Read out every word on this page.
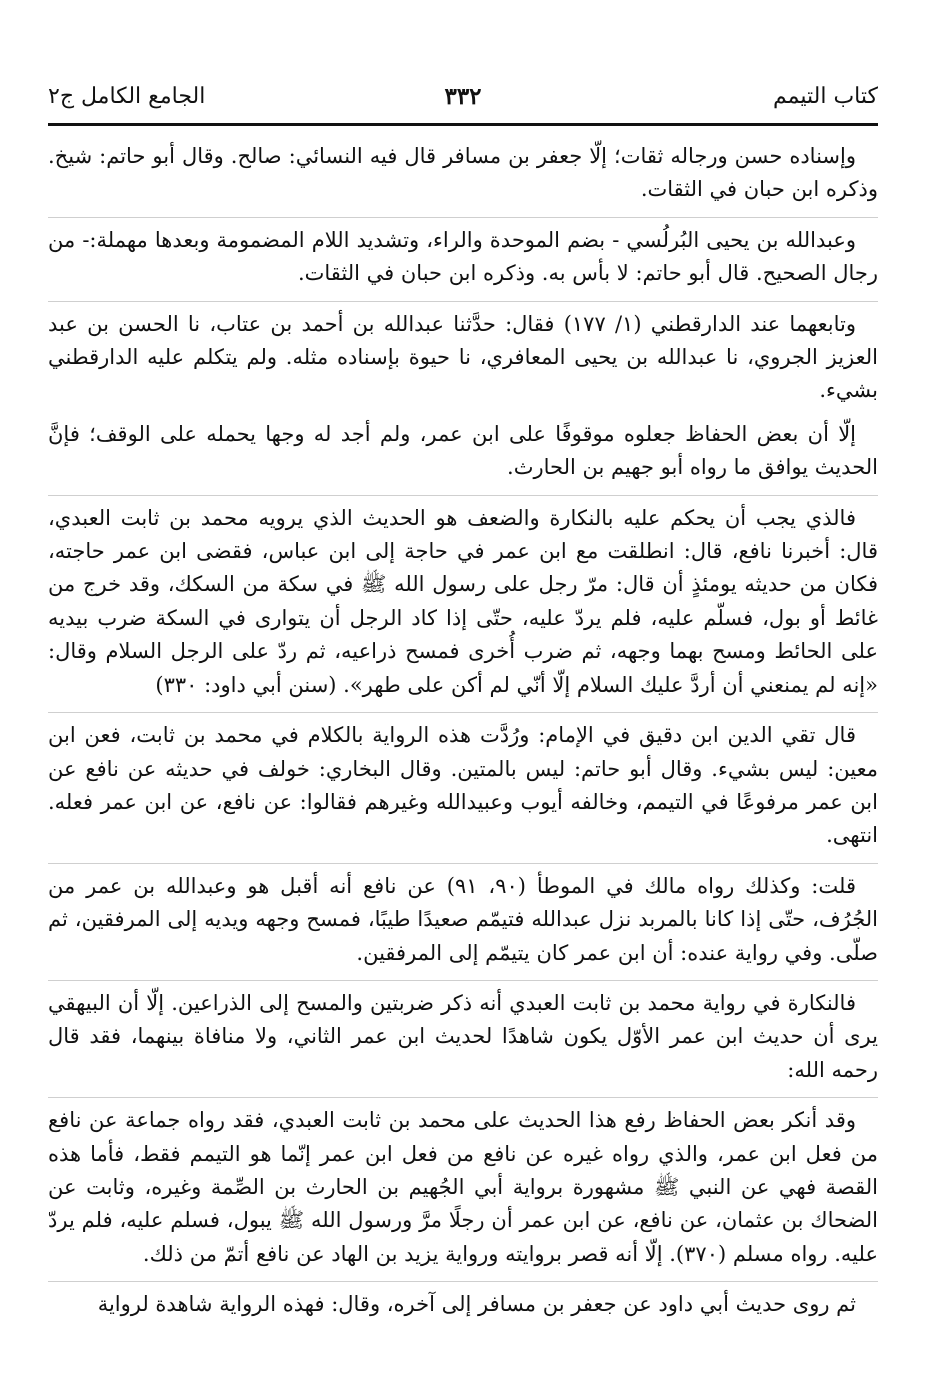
كتاب التيمم
٣٣٢
الجامع الكامل ج٢

وإسناده حسن ورجاله ثقات؛ إلّا جعفر بن مسافر قال فيه النسائي: صالح. وقال أبو حاتم: شيخ. وذكره ابن حبان في الثقات.

وعبدالله بن يحيى البُرلُسي - بضم الموحدة والراء، وتشديد اللام المضمومة وبعدها مهملة:- من رجال الصحيح. قال أبو حاتم: لا بأس به. وذكره ابن حبان في الثقات.

وتابعهما عند الدارقطني (١/ ١٧٧) فقال: حدَّثنا عبدالله بن أحمد بن عتاب، نا الحسن بن عبد العزيز الجروي، نا عبدالله بن يحيى المعافري، نا حيوة بإسناده مثله. ولم يتكلم عليه الدارقطني بشيء.

إلّا أن بعض الحفاظ جعلوه موقوفًا على ابن عمر، ولم أجد له وجها يحمله على الوقف؛ فإنَّ الحديث يوافق ما رواه أبو جهيم بن الحارث.

فالذي يجب أن يحكم عليه بالنكارة والضعف هو الحديث الذي يرويه محمد بن ثابت العبدي، قال: أخبرنا نافع، قال: انطلقت مع ابن عمر في حاجة إلى ابن عباس، فقضى ابن عمر حاجته، فكان من حديثه يومئذٍ أن قال: مرّ رجل على رسول الله ﷺ في سكة من السكك، وقد خرج من غائط أو بول، فسلّم عليه، فلم يردّ عليه، حتّى إذا كاد الرجل أن يتوارى في السكة ضرب بيديه على الحائط ومسح بهما وجهه، ثم ضرب أُخرى فمسح ذراعيه، ثم ردّ على الرجل السلام وقال: «إنه لم يمنعني أن أردَّ عليك السلام إلّا أنّي لم أكن على طهر». (سنن أبي داود: ٣٣٠)

قال تقي الدين ابن دقيق في الإمام: ورُدَّت هذه الرواية بالكلام في محمد بن ثابت، فعن ابن معين: ليس بشيء. وقال أبو حاتم: ليس بالمتين. وقال البخاري: خولف في حديثه عن نافع عن ابن عمر مرفوعًا في التيمم، وخالفه أيوب وعبيدالله وغيرهم فقالوا: عن نافع، عن ابن عمر فعله. انتهى.

قلت: وكذلك رواه مالك في الموطأ (٩٠، ٩١) عن نافع أنه أقبل هو وعبدالله بن عمر من الجُرُف، حتّى إذا كانا بالمربد نزل عبدالله فتيمّم صعيدًا طيبًا، فمسح وجهه ويديه إلى المرفقين، ثم صلّى. وفي رواية عنده: أن ابن عمر كان يتيمّم إلى المرفقين.

فالنكارة في رواية محمد بن ثابت العبدي أنه ذكر ضربتين والمسح إلى الذراعين. إلّا أن البيهقي يرى أن حديث ابن عمر الأوّل يكون شاهدًا لحديث ابن عمر الثاني، ولا منافاة بينهما، فقد قال رحمه الله:

وقد أنكر بعض الحفاظ رفع هذا الحديث على محمد بن ثابت العبدي، فقد رواه جماعة عن نافع من فعل ابن عمر، والذي رواه غيره عن نافع من فعل ابن عمر إنّما هو التيمم فقط، فأما هذه القصة فهي عن النبي ﷺ مشهورة برواية أبي الجُهيم بن الحارث بن الصِّمة وغيره، وثابت عن الضحاك بن عثمان، عن نافع، عن ابن عمر أن رجلًا مرَّ ورسول الله ﷺ يبول، فسلم عليه، فلم يردّ عليه. رواه مسلم (٣٧٠). إلّا أنه قصر بروايته ورواية يزيد بن الهاد عن نافع أتمّ من ذلك.

ثم روى حديث أبي داود عن جعفر بن مسافر إلى آخره، وقال: فهذه الرواية شاهدة لرواية
